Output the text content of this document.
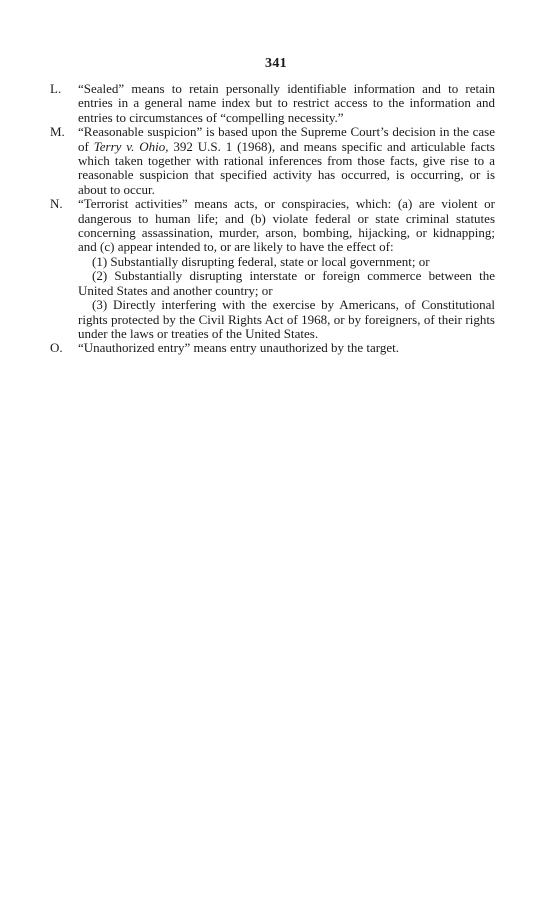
341
L. “Sealed” means to retain personally identifiable information and to retain entries in a general name index but to restrict access to the information and entries to circumstances of “compelling necessity.”
M. “Reasonable suspicion” is based upon the Supreme Court’s decision in the case of Terry v. Ohio, 392 U.S. 1 (1968), and means specific and articulable facts which taken together with rational inferences from those facts, give rise to a reasonable suspicion that specified activity has occurred, is occurring, or is about to occur.
N. “Terrorist activities” means acts, or conspiracies, which: (a) are violent or dangerous to human life; and (b) violate federal or state criminal statutes concerning assassination, murder, arson, bombing, hijacking, or kidnapping; and (c) appear intended to, or are likely to have the effect of:
(1) Substantially disrupting federal, state or local government; or
(2) Substantially disrupting interstate or foreign commerce between the United States and another country; or
(3) Directly interfering with the exercise by Americans, of Constitutional rights protected by the Civil Rights Act of 1968, or by foreigners, of their rights under the laws or treaties of the United States.
O. “Unauthorized entry” means entry unauthorized by the target.
